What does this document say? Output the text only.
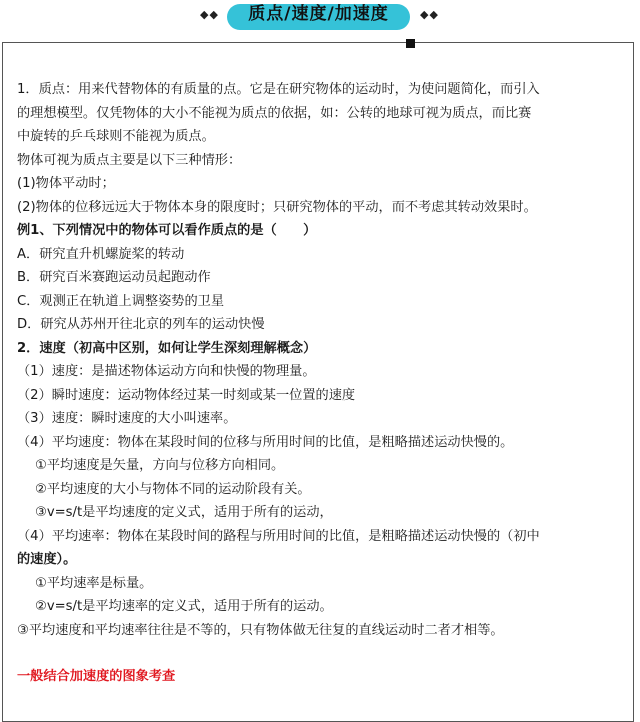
◆◆	质点/速度/加速度	◆◆
1．质点：用来代替物体的有质量的点。它是在研究物体的运动时，为使问题简化，而引入
的理想模型。仅凭物体的大小不能视为质点的依据，如：公转的地球可视为质点，而比赛
中旋转的乒乓球则不能视为质点。
物体可视为质点主要是以下三种情形：
(1)物体平动时；
(2)物体的位移远远大于物体本身的限度时；只研究物体的平动，而不考虑其转动效果时。
例1、下列情况中的物体可以看作质点的是（　　）
A．研究直升机螺旋桨的转动
B．研究百米赛跑运动员起跑动作
C．观测正在轨道上调整姿势的卫星
D．研究从苏州开往北京的列车的运动快慢
2．速度（初高中区别，如何让学生深刻理解概念）
（1）速度：是描述物体运动方向和快慢的物理量。
（2）瞬时速度：运动物体经过某一时刻或某一位置的速度
（3）速度：瞬时速度的大小叫速率。
（4）平均速度：物体在某段时间的位移与所用时间的比值，是粗略描述运动快慢的。
①平均速度是矢量，方向与位移方向相同。
②平均速度的大小与物体不同的运动阶段有关。
③v=s/t是平均速度的定义式，适用于所有的运动，
（4）平均速率：物体在某段时间的路程与所用时间的比值，是粗略描述运动快慢的（初中
的速度）。
①平均速率是标量。
②v=s/t是平均速率的定义式，适用于所有的运动。
③平均速度和平均速率往往是不等的，只有物体做无往复的直线运动时二者才相等。
一般结合加速度的图象考查
